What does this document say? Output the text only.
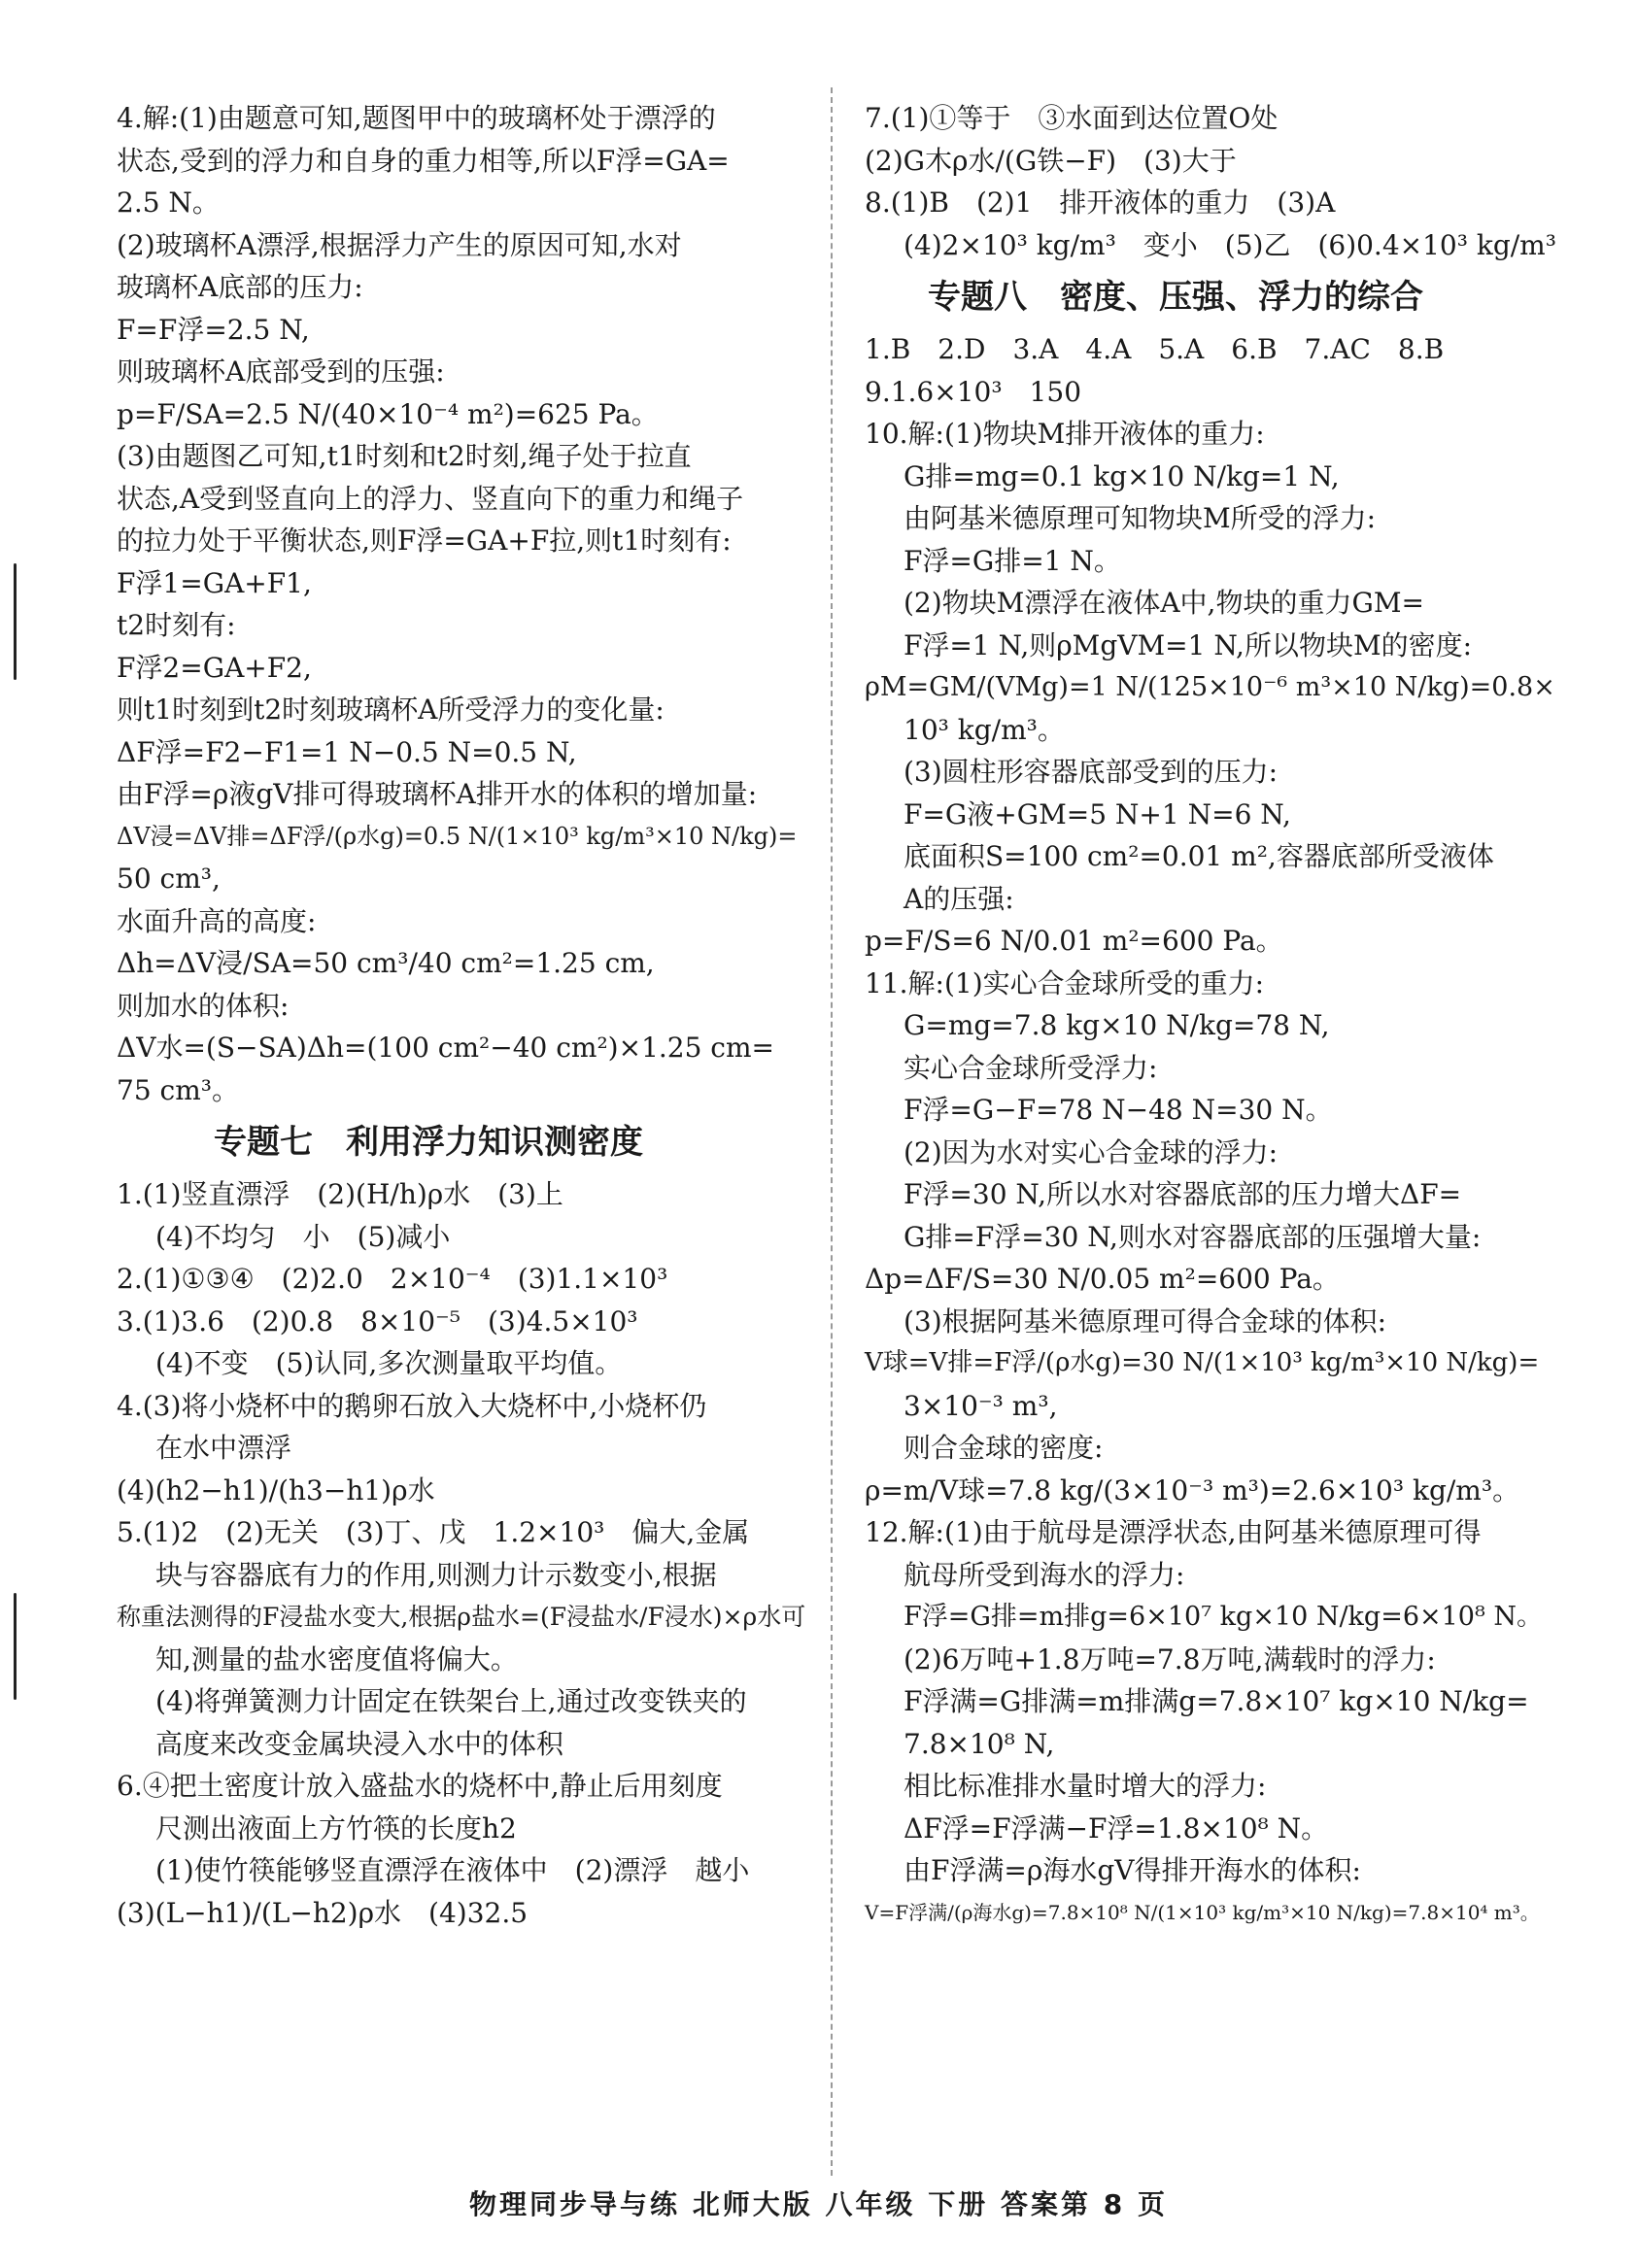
4.解:(1)由题意可知,题图甲中的玻璃杯处于漂浮的
状态,受到的浮力和自身的重力相等,所以F浮=GA=
2.5 N。
(2)玻璃杯A漂浮,根据浮力产生的原因可知,水对
玻璃杯A底部的压力:
F=F浮=2.5 N,
则玻璃杯A底部受到的压强:
p=F/SA=2.5 N/(40×10⁻⁴ m²)=625 Pa。
(3)由题图乙可知,t1时刻和t2时刻,绳子处于拉直
状态,A受到竖直向上的浮力、竖直向下的重力和绳子
的拉力处于平衡状态,则F浮=GA+F拉,则t1时刻有:
F浮1=GA+F1,
t2时刻有:
F浮2=GA+F2,
则t1时刻到t2时刻玻璃杯A所受浮力的变化量:
ΔF浮=F2−F1=1 N−0.5 N=0.5 N,
由F浮=ρ液gV排可得玻璃杯A排开水的体积的增加量:
ΔV浸=ΔV排=ΔF浮/(ρ水g)=0.5 N/(1×10³ kg/m³×10 N/kg)=
50 cm³,
水面升高的高度:
Δh=ΔV浸/SA=50 cm³/40 cm²=1.25 cm,
则加水的体积:
ΔV水=(S−SA)Δh=(100 cm²−40 cm²)×1.25 cm=
75 cm³。
专题七　利用浮力知识测密度
1.(1)竖直漂浮　(2)(H/h)ρ水　(3)上
(4)不均匀　小　(5)减小
2.(1)①③④　(2)2.0　2×10⁻⁴　(3)1.1×10³
3.(1)3.6　(2)0.8　8×10⁻⁵　(3)4.5×10³
(4)不变　(5)认同,多次测量取平均值。
4.(3)将小烧杯中的鹅卵石放入大烧杯中,小烧杯仍
在水中漂浮
(4)(h2−h1)/(h3−h1)ρ水
5.(1)2　(2)无关　(3)丁、戊　1.2×10³　偏大,金属
块与容器底有力的作用,则测力计示数变小,根据
称重法测得的F浸盐水变大,根据ρ盐水=(F浸盐水/F浸水)×ρ水可
知,测量的盐水密度值将偏大。
(4)将弹簧测力计固定在铁架台上,通过改变铁夹的
高度来改变金属块浸入水中的体积
6.④把土密度计放入盛盐水的烧杯中,静止后用刻度
尺测出液面上方竹筷的长度h2
(1)使竹筷能够竖直漂浮在液体中　(2)漂浮　越小
(3)(L−h1)/(L−h2)ρ水　(4)32.5
7.(1)①等于　③水面到达位置O处
(2)G木ρ水/(G铁−F)　(3)大于
8.(1)B　(2)1　排开液体的重力　(3)A
(4)2×10³ kg/m³　变小　(5)乙　(6)0.4×10³ kg/m³
专题八　密度、压强、浮力的综合
1.B　2.D　3.A　4.A　5.A　6.B　7.AC　8.B
9.1.6×10³　150
10.解:(1)物块M排开液体的重力:
G排=mg=0.1 kg×10 N/kg=1 N,
由阿基米德原理可知物块M所受的浮力:
F浮=G排=1 N。
(2)物块M漂浮在液体A中,物块的重力GM=
F浮=1 N,则ρMgVM=1 N,所以物块M的密度:
ρM=GM/(VMg)=1 N/(125×10⁻⁶ m³×10 N/kg)=0.8×
10³ kg/m³。
(3)圆柱形容器底部受到的压力:
F=G液+GM=5 N+1 N=6 N,
底面积S=100 cm²=0.01 m²,容器底部所受液体
A的压强:
p=F/S=6 N/0.01 m²=600 Pa。
11.解:(1)实心合金球所受的重力:
G=mg=7.8 kg×10 N/kg=78 N,
实心合金球所受浮力:
F浮=G−F=78 N−48 N=30 N。
(2)因为水对实心合金球的浮力:
F浮=30 N,所以水对容器底部的压力增大ΔF=
G排=F浮=30 N,则水对容器底部的压强增大量:
Δp=ΔF/S=30 N/0.05 m²=600 Pa。
(3)根据阿基米德原理可得合金球的体积:
V球=V排=F浮/(ρ水g)=30 N/(1×10³ kg/m³×10 N/kg)=
3×10⁻³ m³,
则合金球的密度:
ρ=m/V球=7.8 kg/(3×10⁻³ m³)=2.6×10³ kg/m³。
12.解:(1)由于航母是漂浮状态,由阿基米德原理可得
航母所受到海水的浮力:
F浮=G排=m排g=6×10⁷ kg×10 N/kg=6×10⁸ N。
(2)6万吨+1.8万吨=7.8万吨,满载时的浮力:
F浮满=G排满=m排满g=7.8×10⁷ kg×10 N/kg=
7.8×10⁸ N,
相比标准排水量时增大的浮力:
ΔF浮=F浮满−F浮=1.8×10⁸ N。
由F浮满=ρ海水gV得排开海水的体积:
V=F浮满/(ρ海水g)=7.8×10⁸ N/(1×10³ kg/m³×10 N/kg)=7.8×10⁴ m³。
物理同步导与练 北师大版 八年级 下册 答案第 8 页
